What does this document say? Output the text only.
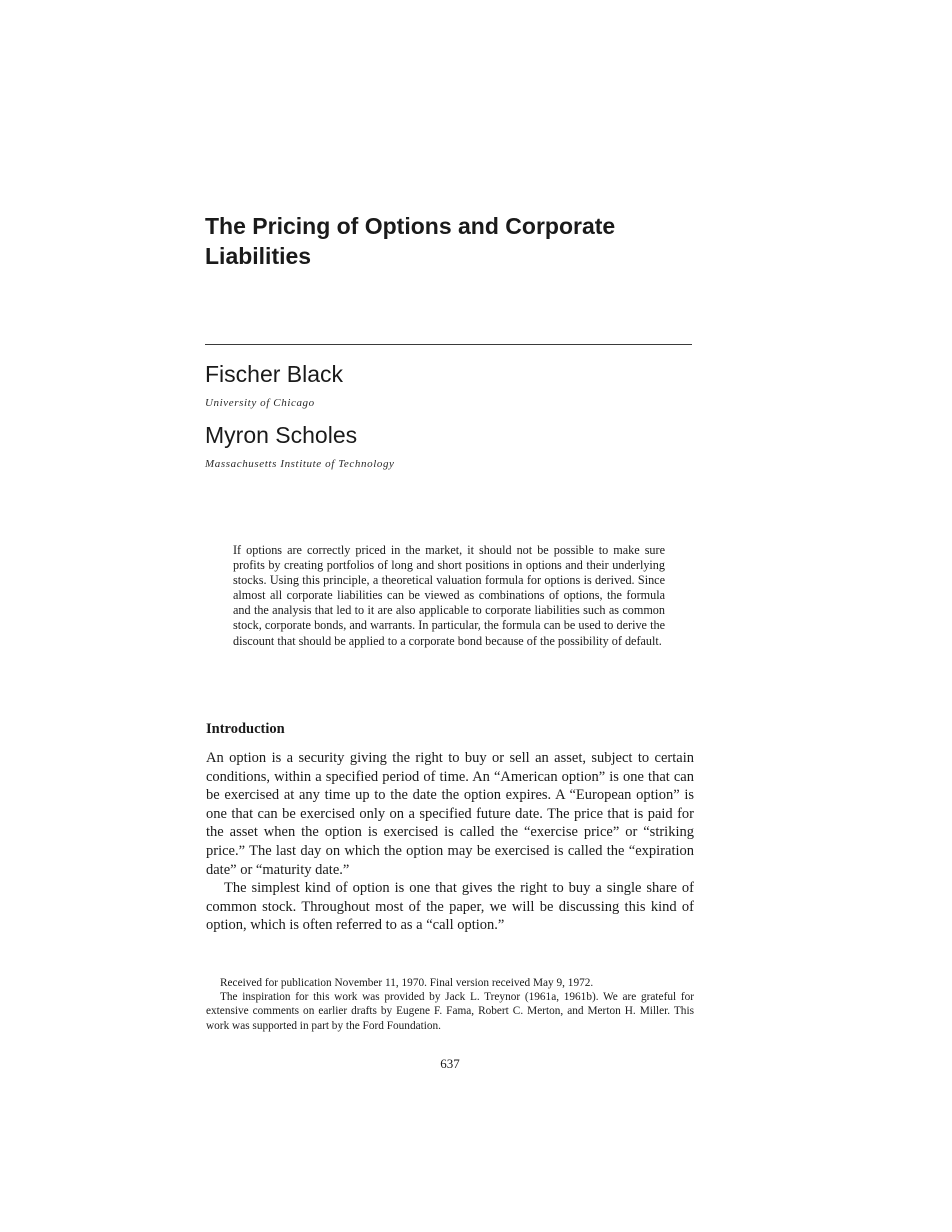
The Pricing of Options and Corporate Liabilities
Fischer Black

University of Chicago

Myron Scholes

Massachusetts Institute of Technology

If options are correctly priced in the market, it should not be possible to make sure profits by creating portfolios of long and short positions in options and their underlying stocks. Using this principle, a theoretical valuation formula for options is derived. Since almost all corporate liabilities can be viewed as combinations of options, the formula and the analysis that led to it are also applicable to corporate liabilities such as common stock, corporate bonds, and warrants. In particular, the formula can be used to derive the discount that should be applied to a corporate bond because of the possibility of default.

Introduction

An option is a security giving the right to buy or sell an asset, subject to certain conditions, within a specified period of time. An “American option” is one that can be exercised at any time up to the date the option expires. A “European option” is one that can be exercised only on a specified future date. The price that is paid for the asset when the option is exercised is called the “exercise price” or “striking price.” The last day on which the option may be exercised is called the “expiration date” or “maturity date.”

The simplest kind of option is one that gives the right to buy a single share of common stock. Throughout most of the paper, we will be discussing this kind of option, which is often referred to as a “call option.”

Received for publication November 11, 1970. Final version received May 9, 1972.

The inspiration for this work was provided by Jack L. Treynor (1961a, 1961b). We are grateful for extensive comments on earlier drafts by Eugene F. Fama, Robert C. Merton, and Merton H. Miller. This work was supported in part by the Ford Foundation.

637
